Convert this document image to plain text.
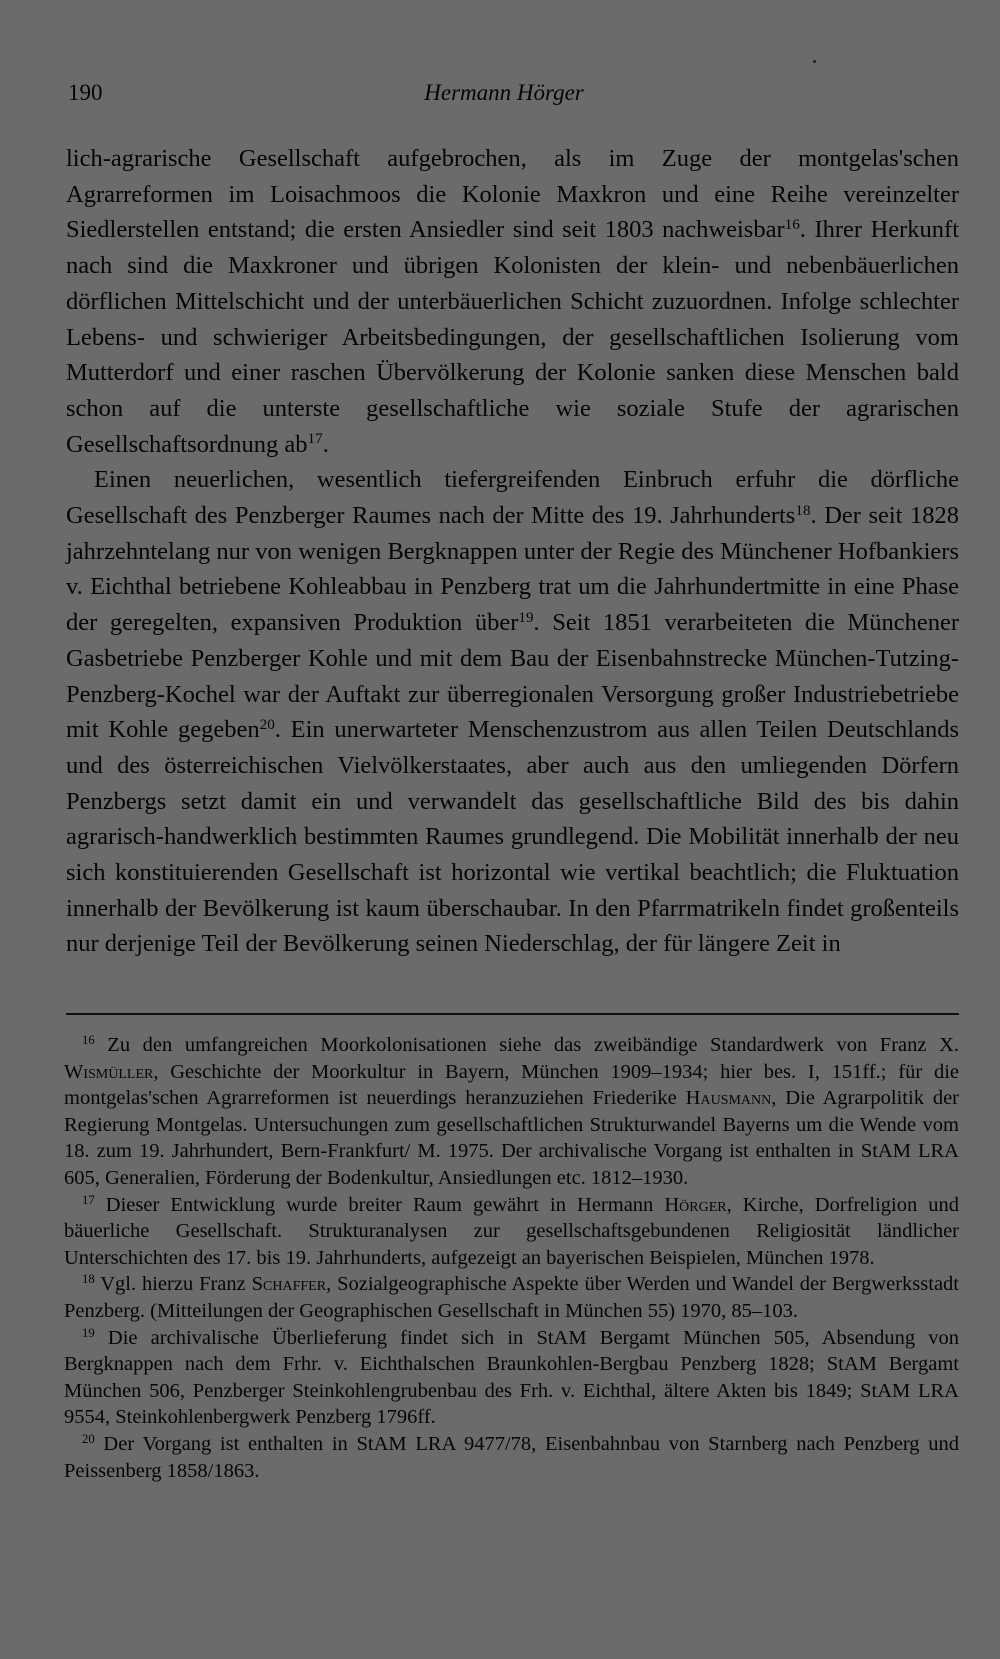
190	Hermann Hörger

lich-agrarische Gesellschaft aufgebrochen, als im Zuge der montgelas'schen Agrarreformen im Loisachmoos die Kolonie Maxkron und eine Reihe vereinzelter Siedlerstellen entstand; die ersten Ansiedler sind seit 1803 nachweisbar$^{16}$. Ihrer Herkunft nach sind die Maxkroner und übrigen Kolonisten der klein- und nebenbäuerlichen dörflichen Mittelschicht und der unterbäuerlichen Schicht zuzuordnen. Infolge schlechter Lebens- und schwieriger Arbeitsbedingungen, der gesellschaftlichen Isolierung vom Mutterdorf und einer raschen Übervölkerung der Kolonie sanken diese Menschen bald schon auf die unterste gesellschaftliche wie soziale Stufe der agrarischen Gesellschaftsordnung $ab^{17}$.

Einen neuerlichen, wesentlich tiefergreifenden Einbruch erfuhr die dörfliche Gesellschaft des Penzberger Raumes nach der Mitte des 19. Jahrhunderts$^{18}$. Der seit 1828 jahrzehntelang nur von wenigen Bergknappen unter der Regie des Münchener Hofbankiers v. Eichthal betriebene Kohleabbau in Penzberg trat um die Jahrhundertmitte in eine Phase der geregelten, expansiven Produktion über$^{19}$. Seit 1851 verarbeiteten die Münchener Gasbetriebe Penzberger Kohle und mit dem Bau der Eisenbahnstrecke München-Tutzing-Penzberg-Kochel war der Auftakt zur überregionalen Versorgung großer Industriebetriebe mit Kohle gegeben$^{20}$. Ein unerwarteter Menschenzustrom aus allen Teilen Deutschlands und des österreichischen Vielvölkerstaates, aber auch aus den umliegenden Dörfern Penzbergs setzt damit ein und verwandelt das gesellschaftliche Bild des bis dahin agrarisch-handwerklich bestimmten Raumes grundlegend. Die Mobilität innerhalb der neu sich konstituierenden Gesellschaft ist horizontal wie vertikal beachtlich; die Fluktuation innerhalb der Bevölkerung ist kaum überschaubar. In den Pfarrmatrikeln findet großenteils nur derjenige Teil der Bevölkerung seinen Niederschlag, der für längere Zeit in

$^{16}$ Zu den umfangreichen Moorkolonisationen siehe das zweibändige Standardwerk von Franz X. Wismüller, Geschichte der Moorkultur in Bayern, München 1909–1934; hier bes. I, 151ff.; für die montgelas'schen Agrarreformen ist neuerdings heranzuziehen Friederike Hausmann, Die Agrarpolitik der Regierung Montgelas. Untersuchungen zum gesellschaftlichen Strukturwandel Bayerns um die Wende vom 18. zum 19. Jahrhundert, Bern-Frankfurt/ M. 1975. Der archivalische Vorgang ist enthalten in StAM LRA 605, Generalien, Förderung der Bodenkultur, Ansiedlungen etc. 1812–1930.

$^{17}$ Dieser Entwicklung wurde breiter Raum gewährt in Hermann Hörger, Kirche, Dorfreligion und bäuerliche Gesellschaft. Strukturanalysen zur gesellschaftsgebundenen Religiosität ländlicher Unterschichten des 17. bis 19. Jahrhunderts, aufgezeigt an bayerischen Beispielen, München 1978.

$^{18}$ Vgl. hierzu Franz Schaffer, Sozialgeographische Aspekte über Werden und Wandel der Bergwerksstadt Penzberg. (Mitteilungen der Geographischen Gesellschaft in München 55) 1970, 85–103.

$^{19}$ Die archivalische Überlieferung findet sich in StAM Bergamt München 505, Absendung von Bergknappen nach dem Frhr. v. Eichthalschen Braunkohlen-Bergbau Penzberg 1828; StAM Bergamt München 506, Penzberger Steinkohlengrubenbau des Frh. v. Eichthal, ältere Akten bis 1849; StAM LRA 9554, Steinkohlenbergwerk Penzberg 1796ff.

$^{20}$ Der Vorgang ist enthalten in StAM LRA 9477/78, Eisenbahnbau von Starnberg nach Penzberg und Peissenberg 1858/1863.
